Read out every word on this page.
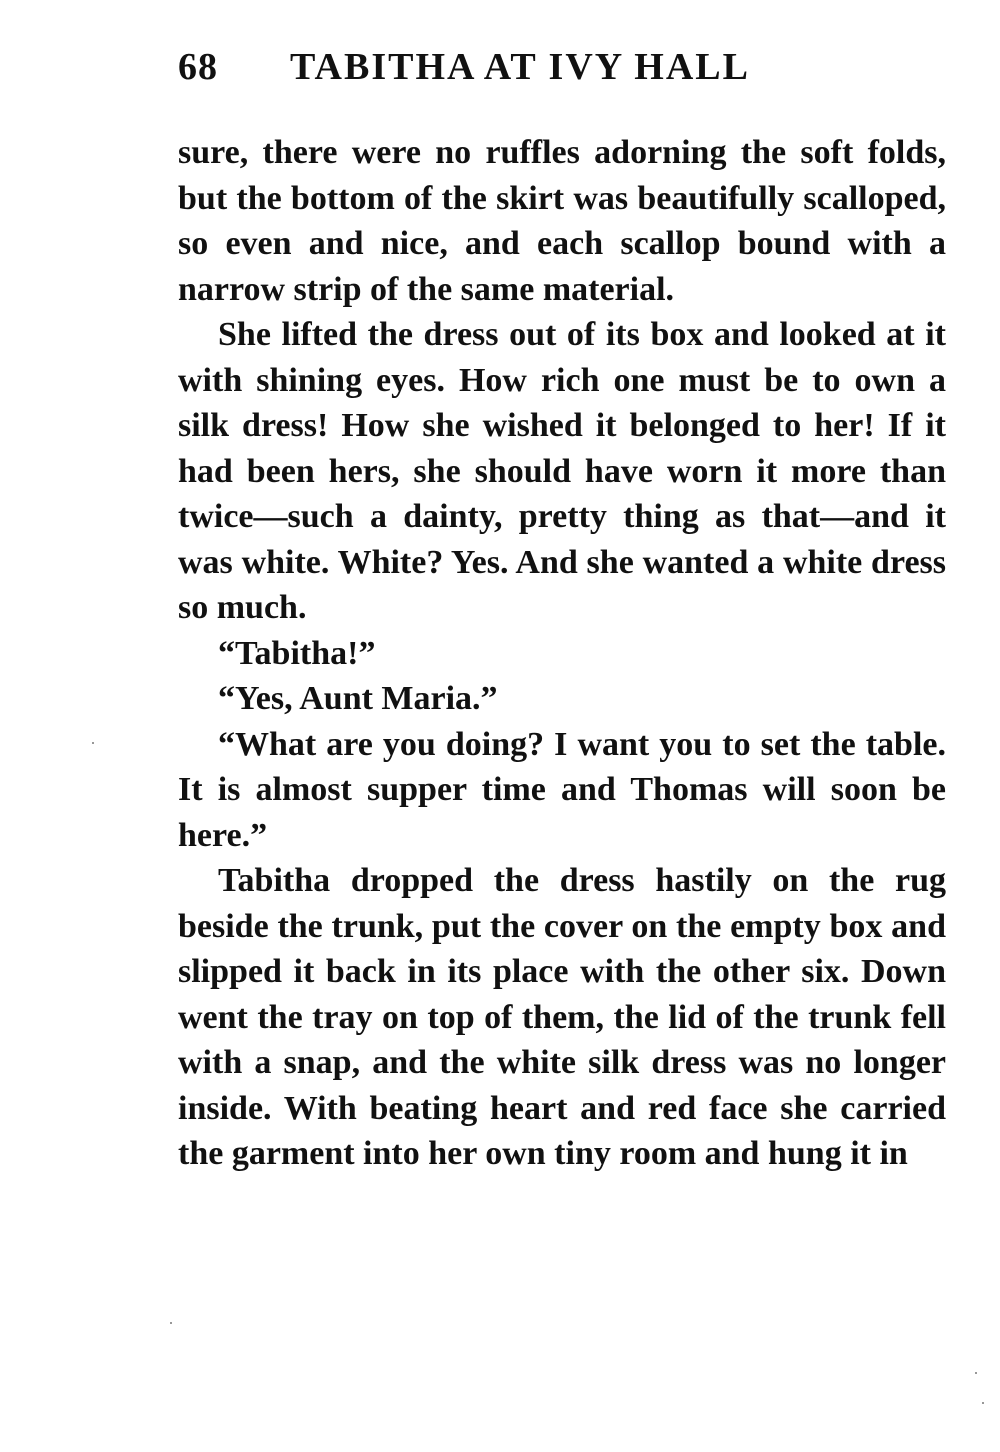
68 TABITHA AT IVY HALL

sure, there were no ruffles adorning the soft folds, but the bottom of the skirt was beautifully scalloped, so even and nice, and each scallop bound with a narrow strip of the same material.

She lifted the dress out of its box and looked at it with shining eyes. How rich one must be to own a silk dress! How she wished it belonged to her! If it had been hers, she should have worn it more than twice—such a dainty, pretty thing as that—and it was white. White? Yes. And she wanted a white dress so much.

“Tabitha!”

“Yes, Aunt Maria.”

“What are you doing? I want you to set the table. It is almost supper time and Thomas will soon be here.”

Tabitha dropped the dress hastily on the rug beside the trunk, put the cover on the empty box and slipped it back in its place with the other six. Down went the tray on top of them, the lid of the trunk fell with a snap, and the white silk dress was no longer inside. With beating heart and red face she carried the garment into her own tiny room and hung it in
